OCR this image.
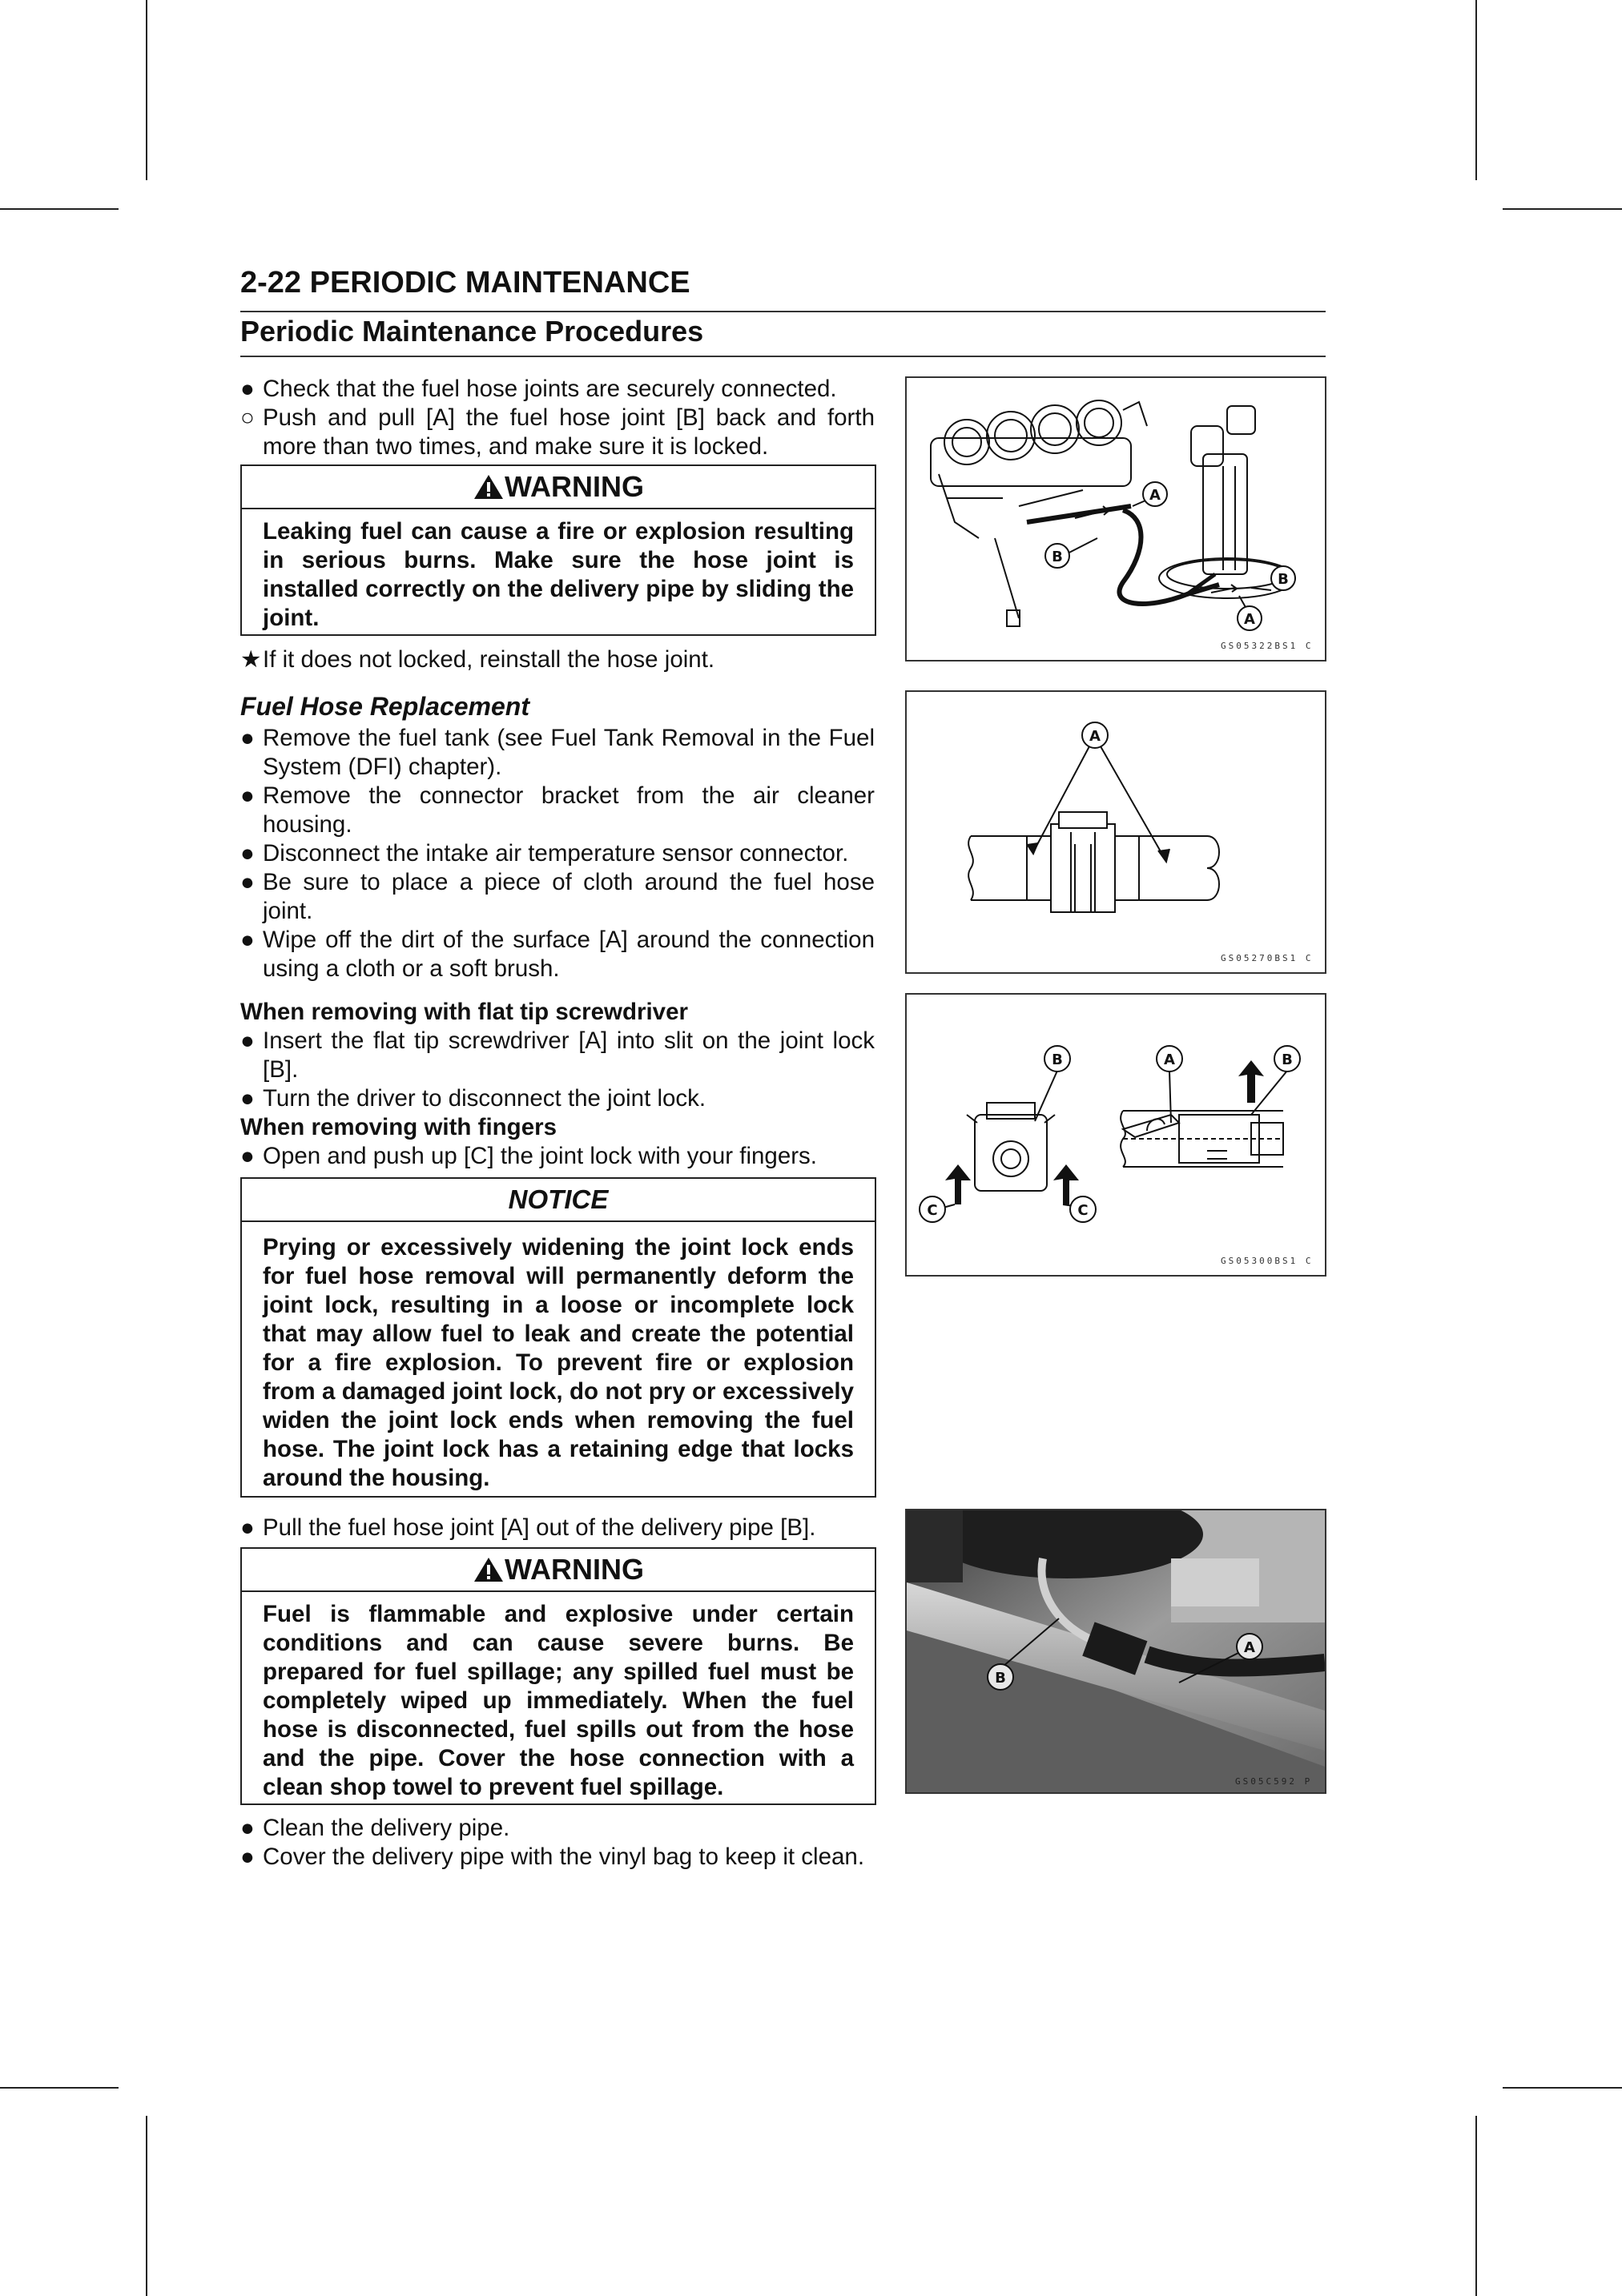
2-22 PERIODIC MAINTENANCE
Periodic Maintenance Procedures
● Check that the fuel hose joints are securely connected.
○ Push and pull [A] the fuel hose joint [B] back and forth more than two times, and make sure it is locked.
WARNING
Leaking fuel can cause a fire or explosion resulting in serious burns. Make sure the hose joint is installed correctly on the delivery pipe by sliding the joint.
★ If it does not locked, reinstall the hose joint.
Fuel Hose Replacement
● Remove the fuel tank (see Fuel Tank Removal in the Fuel System (DFI) chapter).
● Remove the connector bracket from the air cleaner housing.
● Disconnect the intake air temperature sensor connector.
● Be sure to place a piece of cloth around the fuel hose joint.
● Wipe off the dirt of the surface [A] around the connection using a cloth or a soft brush.
When removing with flat tip screwdriver
● Insert the flat tip screwdriver [A] into slit on the joint lock [B].
● Turn the driver to disconnect the joint lock.
When removing with fingers
● Open and push up [C] the joint lock with your fingers.
NOTICE
Prying or excessively widening the joint lock ends for fuel hose removal will permanently deform the joint lock, resulting in a loose or incomplete lock that may allow fuel to leak and create the potential for a fire explosion. To prevent fire or explosion from a damaged joint lock, do not pry or excessively widen the joint lock ends when removing the fuel hose. The joint lock has a retaining edge that locks around the housing.
● Pull the fuel hose joint [A] out of the delivery pipe [B].
WARNING
Fuel is flammable and explosive under certain conditions and can cause severe burns. Be prepared for fuel spillage; any spilled fuel must be completely wiped up immediately. When the fuel hose is disconnected, fuel spills out from the hose and the pipe. Cover the hose connection with a clean shop towel to prevent fuel spillage.
● Clean the delivery pipe.
● Cover the delivery pipe with the vinyl bag to keep it clean.
A
B
A
B
GS05322BS1 C
A
GS05270BS1 C
B	A	B
C	C
GS05300BS1 C
B
A
GS05C592 P
